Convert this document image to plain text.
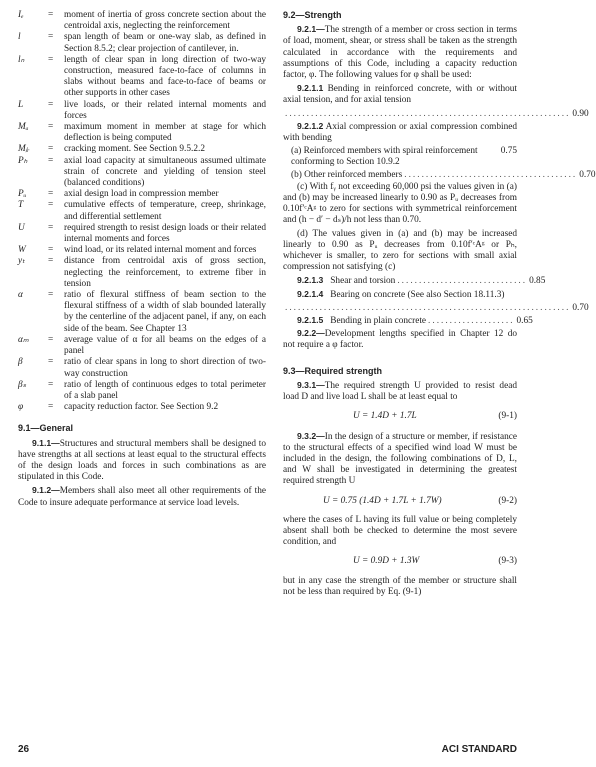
Iₑ	=	moment of inertia of gross concrete section about the centroidal axis, neglecting the reinforcement
l	=	span length of beam or one-way slab, as defined in Section 8.5.2; clear projection of cantilever, in.
lₙ	=	length of clear span in long direction of two-way construction, measured face-to-face of columns in slabs without beams and face-to-face of beams or other supports in other cases
L	=	live loads, or their related internal moments and forces
Mₐ	=	maximum moment in member at stage for which deflection is being computed
Mⱼᵣ	=	cracking moment. See Section 9.5.2.2
Pₕ	=	axial load capacity at simultaneous assumed ultimate strain of concrete and yielding of tension steel (balanced conditions)
Pᵤ	=	axial design load in compression member
T	=	cumulative effects of temperature, creep, shrinkage, and differential settlement
U	=	required strength to resist design loads or their related internal moments and forces
W	=	wind load, or its related internal moment and forces
yₜ	=	distance from centroidal axis of gross section, neglecting the reinforcement, to extreme fiber in tension
α	=	ratio of flexural stiffness of beam section to the flexural stiffness of a width of slab bounded laterally by the centerline of the adjacent panel, if any, on each side of the beam. See Chapter 13
αₘ	=	average value of α for all beams on the edges of a panel
β	=	ratio of clear spans in long to short direction of two-way construction
βₛ	=	ratio of length of continuous edges to total perimeter of a slab panel
φ	=	capacity reduction factor. See Section 9.2
9.1—General
9.1.1—Structures and structural members shall be designed to have strengths at all sections at least equal to the structural effects of the design loads and forces in such combinations as are stipulated in this Code.
9.1.2—Members shall also meet all other requirements of the Code to insure adequate performance at service load levels.
9.2—Strength
9.2.1—The strength of a member or cross section in terms of load, moment, shear, or stress shall be taken as the strength calculated in accordance with the requirements and assumptions of this Code, including a capacity reduction factor, φ. The following values for φ shall be used:
9.2.1.1 Bending in reinforced concrete, with or without axial tension, and for axial tension
.................................................................. 0.90
9.2.1.2 Axial compression or axial compression combined with bending
(a) Reinforced members with spiral reinforcement conforming to Section 10.9.2
0.75
(b) Other reinforced members ........................................ 0.70
(c) With fᵧ not exceeding 60,000 psi the values given in (a) and (b) may be increased linearly to 0.90 as Pᵤ decreases from 0.10f′ᶜAᵍ to zero for sections with symmetrical reinforcement and (h − d′ − dₛ)/h not less than 0.70.
(d) The values given in (a) and (b) may be increased linearly to 0.90 as Pᵤ decreases from 0.10f′ᶜAᵍ or Pₕ, whichever is smaller, to zero for sections with small axial compression not satisfying (c)
9.2.1.3 Shear and torsion .............................. 0.85
9.2.1.4 Bearing on concrete (See also Section 18.11.3)
.................................................................. 0.70
9.2.1.5 Bending in plain concrete .................... 0.65
9.2.2—Development lengths specified in Chapter 12 do not require a φ factor.
9.3—Required strength
9.3.1—The required strength U provided to resist dead load D and live load L shall be at least equal to
U = 1.4D + 1.7L	(9-1)
9.3.2—In the design of a structure or member, if resistance to the structural effects of a specified wind load W must be included in the design, the following combinations of D, L, and W shall be investigated in determining the greatest required strength U
U = 0.75 (1.4D + 1.7L + 1.7W)	(9-2)
where the cases of L having its full value or being completely absent shall both be checked to determine the most severe condition, and
U = 0.9D + 1.3W	(9-3)
but in any case the strength of the member or structure shall not be less than required by Eq. (9-1)
26	ACI STANDARD
